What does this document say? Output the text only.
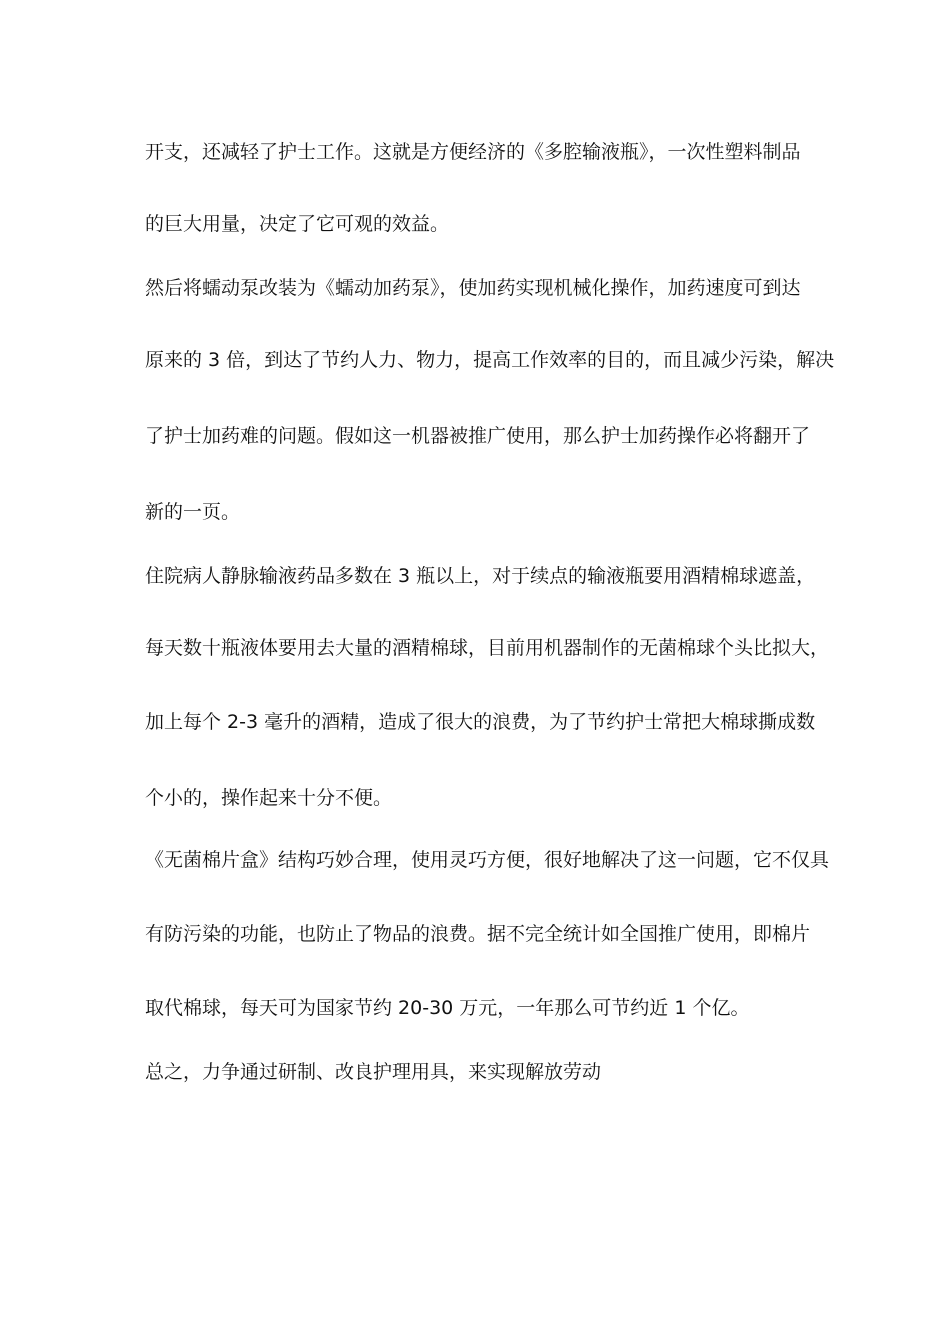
开支，还减轻了护士工作。这就是方便经济的《多腔输液瓶》，一次性塑料制品
的巨大用量，决定了它可观的效益。
然后将蠕动泵改装为《蠕动加药泵》，使加药实现机械化操作，加药速度可到达
原来的 3 倍，到达了节约人力、物力，提高工作效率的目的，而且减少污染，解决
了护士加药难的问题。假如这一机器被推广使用，那么护士加药操作必将翻开了
新的一页。
住院病人静脉输液药品多数在 3 瓶以上，对于续点的输液瓶要用酒精棉球遮盖，
每天数十瓶液体要用去大量的酒精棉球，目前用机器制作的无菌棉球个头比拟大，
加上每个 2-3 毫升的酒精，造成了很大的浪费，为了节约护士常把大棉球撕成数
个小的，操作起来十分不便。
《无菌棉片盒》结构巧妙合理，使用灵巧方便，很好地解决了这一问题，它不仅具
有防污染的功能，也防止了物品的浪费。据不完全统计如全国推广使用，即棉片
取代棉球，每天可为国家节约 20-30 万元，一年那么可节约近 1 个亿。
总之，力争通过研制、改良护理用具，来实现解放劳动
